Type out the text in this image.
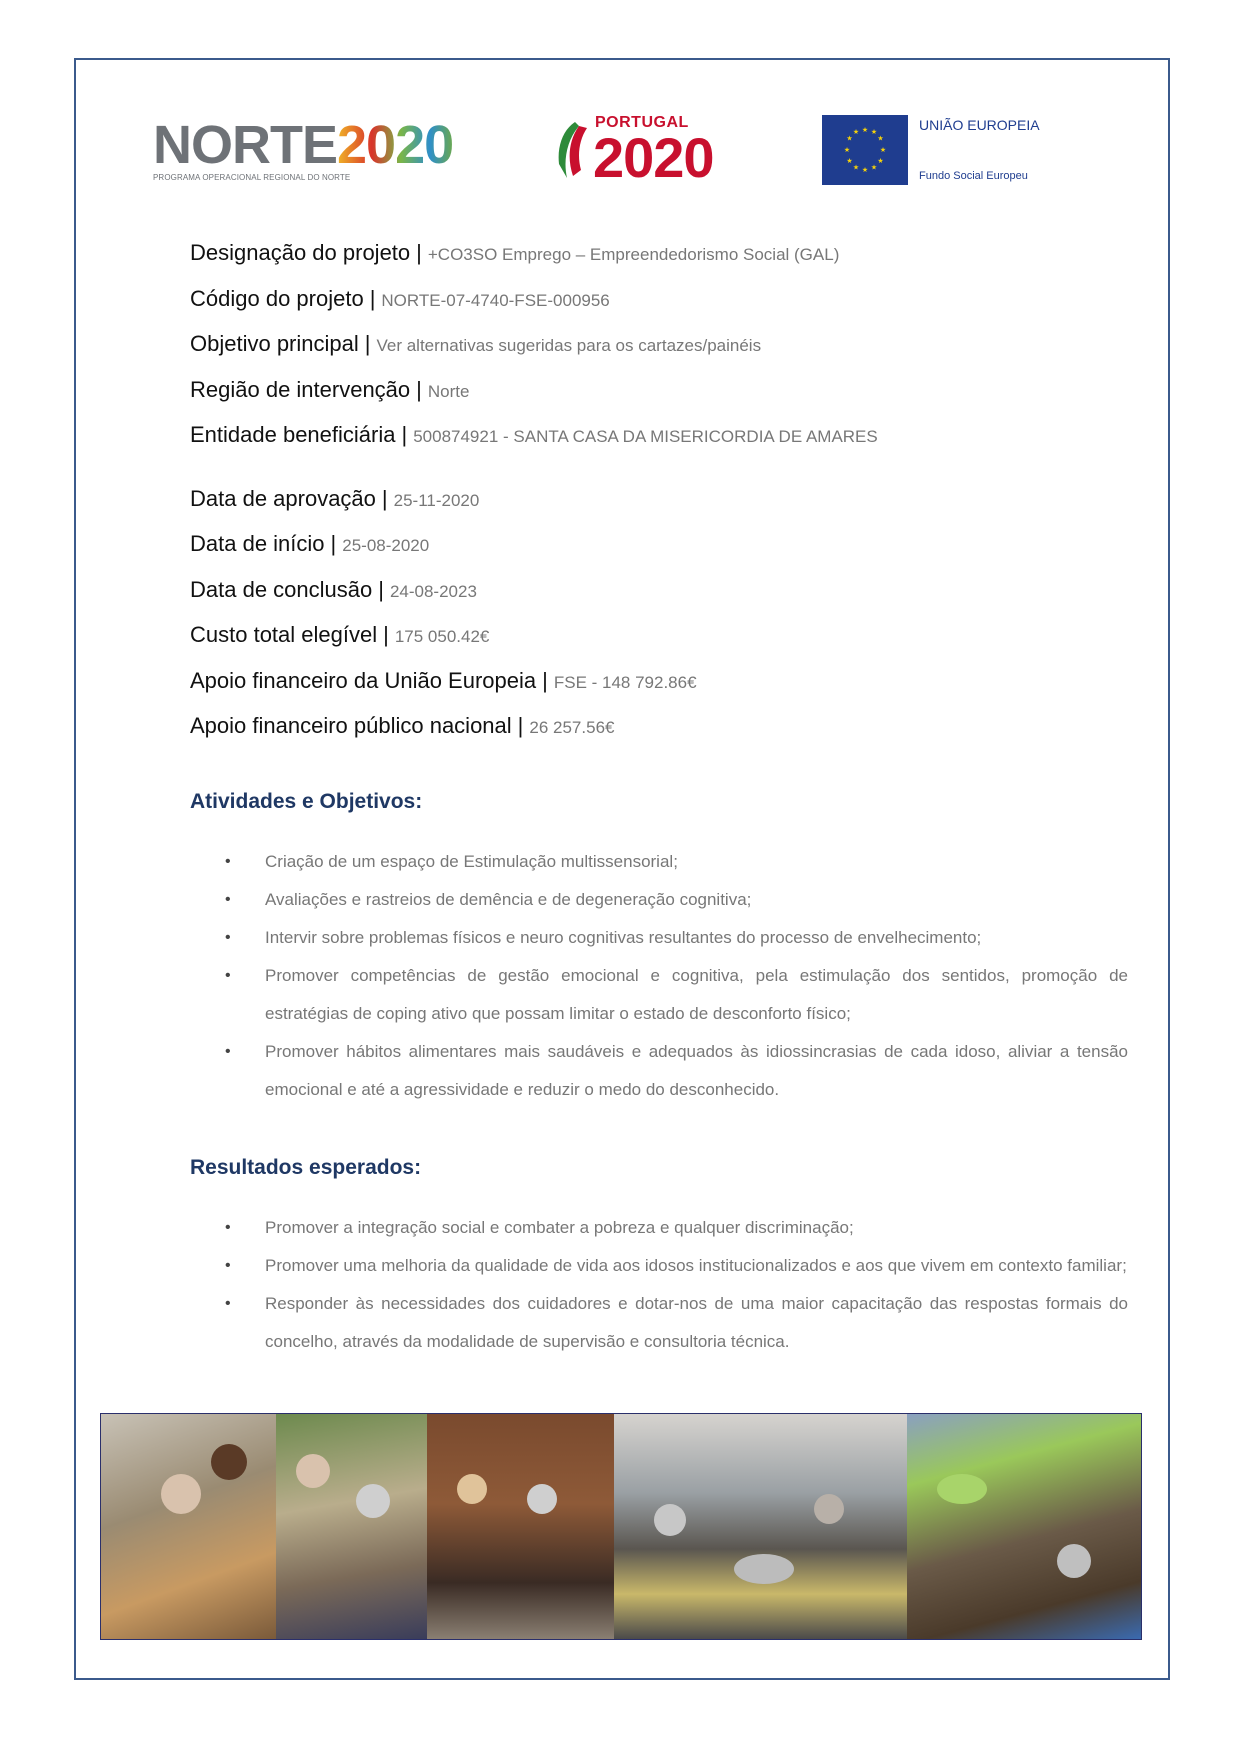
NORTE2020
PROGRAMA OPERACIONAL REGIONAL DO NORTE
PORTUGAL
2020	★ ★
★
★
★
★
★
★
★
★
★
★	UNIÃO EUROPEIA
Fundo Social Europeu
Designação do projeto | +CO3SO Emprego – Empreendedorismo Social (GAL)
Código do projeto | NORTE-07-4740-FSE-000956
Objetivo principal | Ver alternativas sugeridas para os cartazes/painéis
Região de intervenção | Norte
Entidade beneficiária | 500874921 - SANTA CASA DA MISERICORDIA DE AMARES
Data de aprovação | 25-11-2020
Data de início | 25-08-2020
Data de conclusão | 24-08-2023
Custo total elegível | 175 050.42€
Apoio financeiro da União Europeia | FSE - 148 792.86€
Apoio financeiro público nacional | 26 257.56€
Atividades e Objetivos:
• Criação de um espaço de Estimulação multissensorial;
• Avaliações e rastreios de demência e de degeneração cognitiva;
• Intervir sobre problemas físicos e neuro cognitivas resultantes do processo de envelhecimento;
• Promover competências de gestão emocional e cognitiva, pela estimulação dos sentidos, promoção de estratégias de coping ativo que possam limitar o estado de desconforto físico;
• Promover hábitos alimentares mais saudáveis e adequados às idiossincrasias de cada idoso, aliviar a tensão emocional e até a agressividade e reduzir o medo do desconhecido.
Resultados esperados:
• Promover a integração social e combater a pobreza e qualquer discriminação;
• Promover uma melhoria da qualidade de vida aos idosos institucionalizados e aos que vivem em contexto familiar;
• Responder às necessidades dos cuidadores e dotar-nos de uma maior capacitação das respostas formais do concelho, através da modalidade de supervisão e consultoria técnica.
